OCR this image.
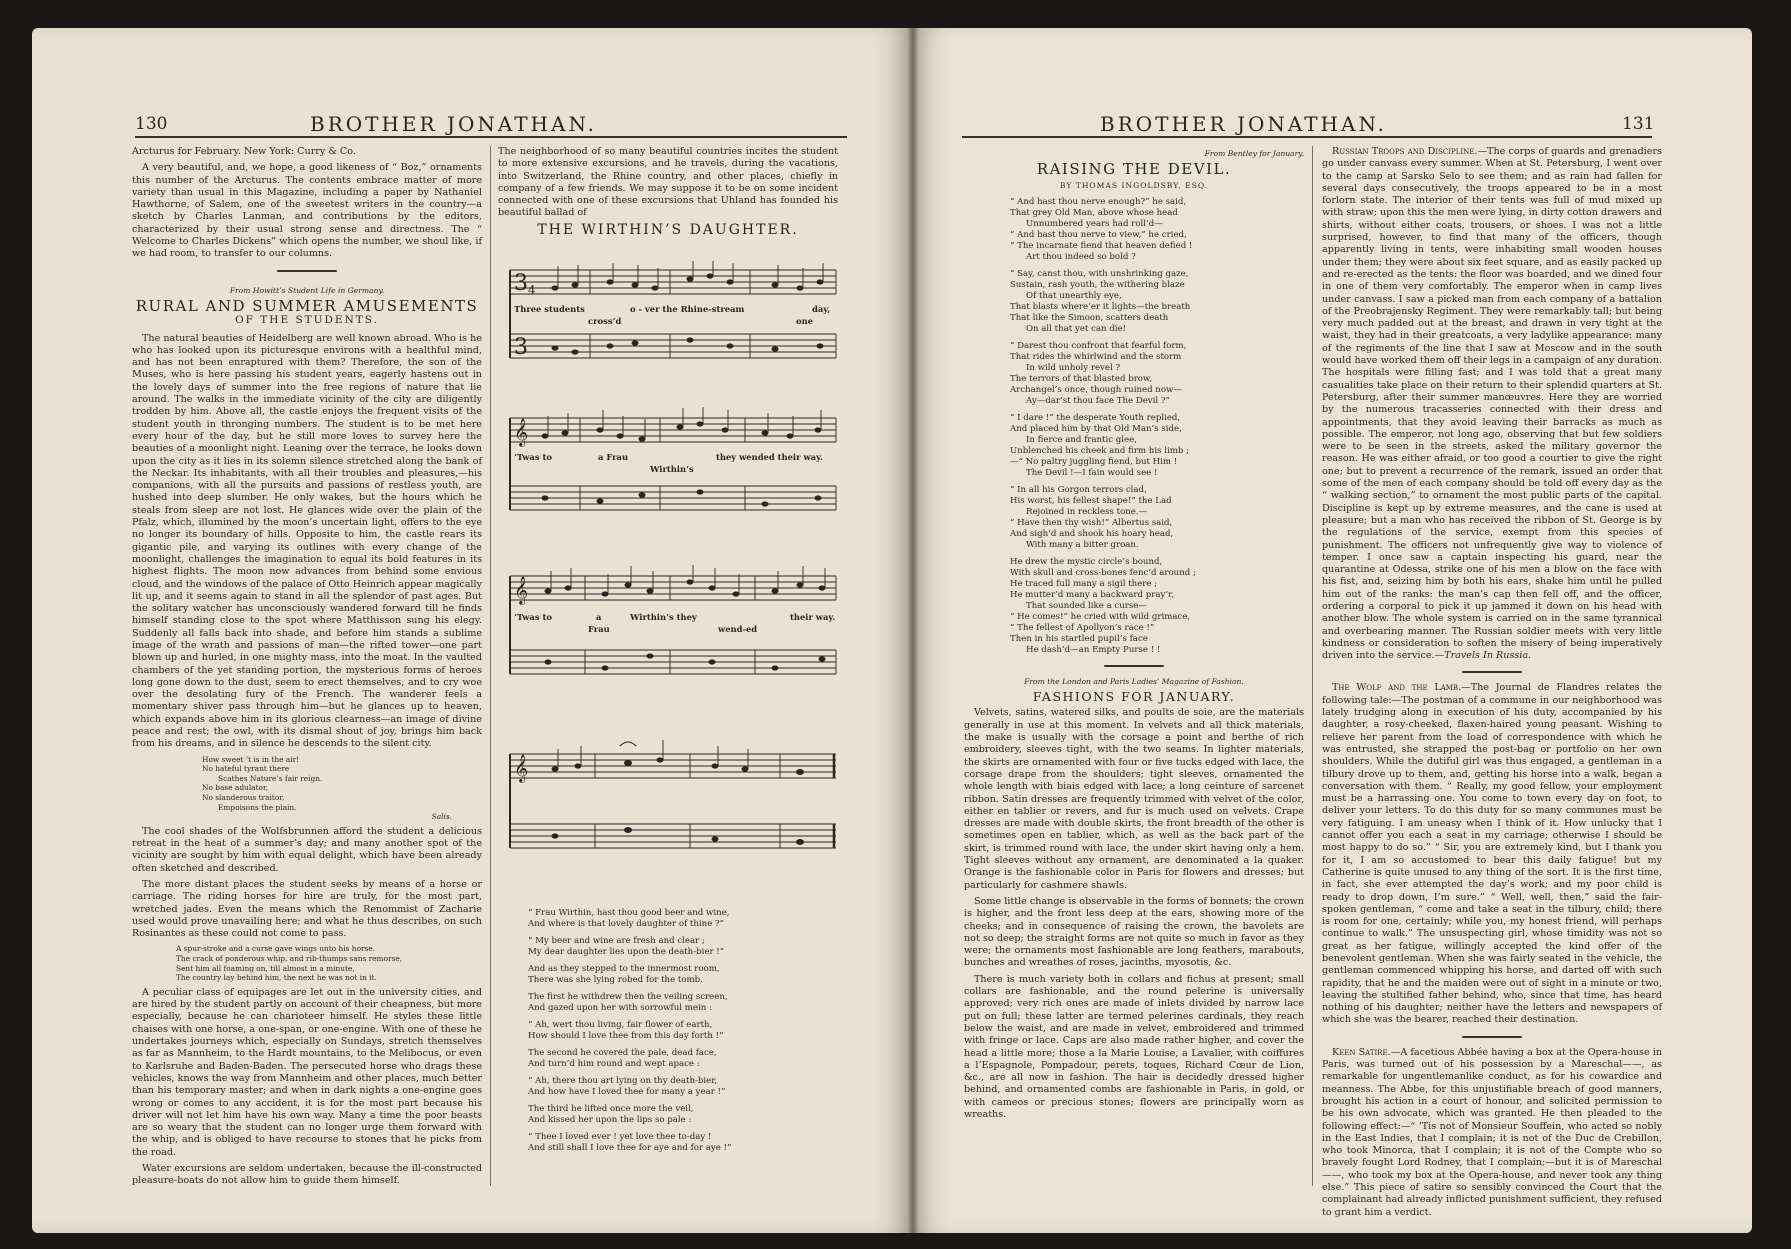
130	BROTHER JONATHAN.

Arcturus for February. New York: Curry & Co.

A very beautiful, and, we hope, a good likeness of “ Boz,” ornaments this number of the Arcturus. The contents embrace matter of more variety than usual in this Magazine, including a paper by Nathaniel Hawthorne, of Salem, one of the sweetest writers in the country—a sketch by Charles Lanman, and contributions by the editors, characterized by their usual strong sense and directness. The “ Welcome to Charles Dickens” which opens the number, we shoul like, if we had room, to transfer to our columns.

From Howitt’s Student Life in Germany.
RURAL AND SUMMER AMUSEMENTS
OF THE STUDENTS.

The natural beauties of Heidelberg are well known abroad. Who is he who has looked upon its picturesque environs with a healthful mind, and has not been enraptured with them? Therefore, the son of the Muses, who is here passing his student years, eagerly hastens out in the lovely days of summer into the free regions of nature that lie around. The walks in the immediate vicinity of the city are diligently trodden by him. Above all, the castle enjoys the frequent visits of the student youth in thronging numbers. The student is to be met here every hour of the day, but he still more loves to survey here the beauties of a moonlight night. Leaning over the terrace, he looks down upon the city as it lies in its solemn silence stretched along the bank of the Neckar. Its inhabitants, with all their troubles and pleasures,—his companions, with all the pursuits and passions of restless youth, are hushed into deep slumber. He only wakes, but the hours which he steals from sleep are not lost. He glances wide over the plain of the Pfalz, which, illumined by the moon’s uncertain light, offers to the eye no longer its boundary of hills. Opposite to him, the castle rears its gigantic pile, and varying its outlines with every change of the moonlight, challenges the imagination to equal its bold features in its highest flights. The moon now advances from behind some envious cloud, and the windows of the palace of Otto Heinrich appear magically lit up, and it seems again to stand in all the splendor of past ages. But the solitary watcher has unconsciously wandered forward till he finds himself standing close to the spot where Matthisson sung his elegy. Suddenly all falls back into shade, and before him stands a sublime image of the wrath and passions of man—the rifted tower—one part blown up and hurled, in one mighty mass, into the moat. In the vaulted chambers of the yet standing portion, the mysterious forms of heroes long gone down to the dust, seem to erect themselves, and to cry woe over the desolating fury of the French. The wanderer feels a momentary shiver pass through him—but he glances up to heaven, which expands above him in its glorious clearness—an image of divine peace and rest; the owl, with its dismal shout of joy, brings him back from his dreams, and in silence he descends to the silent city.

How sweet ’t is in the air!
No hateful tyrant there
Scathes Nature’s fair reign.
No base adulator,
No slanderous traitor,
Empoisons the plain.
Salis.

The cool shades of the Wolfsbrunnen afford the student a delicious retreat in the heat of a summer’s day; and many another spot of the vicinity are sought by him with equal delight, which have been already often sketched and described.

The more distant places the student seeks by means of a horse or carriage. The riding horses for hire are truly, for the most part, wretched jades. Even the means which the Renommist of Zacharie used would prove unavailing here; and what he thus describes, on such Rosinantes as these could not come to pass.

A spur-stroke and a curse gave wings unto his horse.
The crack of ponderous whip, and rib-thumps sans remorse,
Sent him all foaming on, till almost in a minute,
The country lay behind him, the next he was not in it.

A peculiar class of equipages are let out in the university cities, and are hired by the student partly on account of their cheapness, but more especially, because he can charioteer himself. He styles these little chaises with one horse, a one-span, or one-engine. With one of these he undertakes journeys which, especially on Sundays, stretch themselves as far as Mannheim, to the Hardt mountains, to the Melibocus, or even to Karlsruhe and Baden-Baden. The persecuted horse who drags these vehicles, knows the way from Mannheim and other places, much better than his temporary master; and when in dark nights a one-engine goes wrong or comes to any accident, it is for the most part because his driver will not let him have his own way. Many a time the poor beasts are so weary that the student can no longer urge them forward with the whip, and is obliged to have recourse to stones that he picks from the road.

Water excursions are seldom undertaken, because the ill-constructed pleasure-boats do not allow him to guide them himself.

The neighborhood of so many beautiful countries incites the student to more extensive excursions, and he travels, during the vacations, into Switzerland, the Rhine country, and other places, chiefly in company of a few friends. We may suppose it to be on some incident connected with one of these excursions that Uhland has founded his beautiful ballad of

THE WIRTHIN’S DAUGHTER.
3 4
3
Three students	o - ver the Rhine-stream
cross’d	one
day,
𝄞
’Twas to	a Frau
Wirthin’s
they wended their way.
𝄞
’Twas to	a
Frau
Wirthin’s they
wend-ed
their way.
𝄞
“ Frau Wirthin, hast thou good beer and wine,
And where is that lovely daughter of thine ?”
“ My beer and wine are fresh and clear ;
My dear daughter lies upon the death-bier !”
And as they stepped to the innermost room,
There was she lying robed for the tomb.
The first he withdrew then the veiling screen,
And gazed upon her with sorrowful mein :
“ Ah, wert thou living, fair flower of earth,
How should I love thee from this day forth !”
The second he covered the pale, dead face,
And turn’d him round and wept apace :
“ Ah, there thou art lying on thy death-bier,
And how have I loved thee for many a year !”
The third he lifted once more the veil,
And kissed her upon the lips so pale :
“ Thee I loved ever ! yet love thee to-day !
And still shall I love thee for aye and for aye !”
BROTHER JONATHAN.	131
From Bentley for January.
RAISING THE DEVIL.
BY THOMAS INGOLDSBY, ESQ.
“ And hast thou nerve enough?” he said,
That grey Old Man, above whose head
Unnumbered years had roll’d—
“ And hast thou nerve to view,” he cried,
“ The incarnate fiend that heaven defied !
Art thou indeed so bold ?
“ Say, canst thou, with unshrinking gaze,
Sustain, rash youth, the withering blaze
Of that unearthly eye,
That blasts where’er it lights—the breath
That like the Simoon, scatters death
On all that yet can die!
“ Darest thou confront that fearful form,
That rides the whirlwind and the storm
In wild unholy revel ?
The terrors of that blasted brow,
Archangel’s once, though ruined now—
Ay—dar’st thou face The Devil ?”
“ I dare !” the desperate Youth replied,
And placed him by that Old Man’s side,
In fierce and frantic glee,
Unblenched his cheek and firm his limb ;
—“ No paltry juggling fiend, but Him !
The Devil !—I fain would see !
“ In all his Gorgon terrors clad,
His worst, his fellest shape!” the Lad
Rejoined in reckless tone.—
“ Have then thy wish!” Albertus said,
And sigh’d and shook his hoary head,
With many a bitter groan.
He drew the mystic circle’s bound,
With skull and cross-bones fenc’d around ;
He traced full many a sigil there ;
He mutter’d many a backward pray’r,
That sounded like a curse—
“ He comes!” he cried with wild grimace,
“ The fellest of Apollyon’s race !”
Then in his startled pupil’s face
He dash’d—an Empty Purse ! !
From the London and Paris Ladies’ Magazine of Fashion.
FASHIONS FOR JANUARY.

Velvets, satins, watered silks, and poults de soie, are the materials generally in use at this moment. In velvets and all thick materials, the make is usually with the corsage a point and berthe of rich embroidery, sleeves tight, with the two seams. In lighter materials, the skirts are ornamented with four or five tucks edged with lace, the corsage drape from the shoulders; tight sleeves, ornamented the whole length with biais edged with lace; a long ceinture of sarcenet ribbon. Satin dresses are frequently trimmed with velvet of the color, either en tablier or revers, and fur is much used on velvets. Crape dresses are made with double skirts, the front breadth of the other is sometimes open en tablier, which, as well as the back part of the skirt, is trimmed round with lace, the under skirt having only a hem. Tight sleeves without any ornament, are denominated a la quaker. Orange is the fashionable color in Paris for flowers and dresses; but particularly for cashmere shawls.

Some little change is observable in the forms of bonnets; the crown is higher, and the front less deep at the ears, showing more of the cheeks; and in consequence of raising the crown, the bavolets are not so deep; the straight forms are not quite so much in favor as they were; the ornaments most fashionable are long feathers, marabouts, bunches and wreathes of roses, jacinths, myosotis, &c.

There is much variety both in collars and fichus at present; small collars are fashionable, and the round pelerine is universally approved; very rich ones are made of inlets divided by narrow lace put on full; these latter are termed pelerines cardinals, they reach below the waist, and are made in velvet, embroidered and trimmed with fringe or lace. Caps are also made rather higher, and cover the head a little more; those a la Marie Louise, a Lavalier, with coiffures a l’Espagnole, Pompadour, perets, toques, Richard Cœur de Lion, &c., are all now in fashion. The hair is decidedly dressed higher behind, and ornamented combs are fashionable in Paris, in gold, or with cameos or precious stones; flowers are principally worn as wreaths.

Russian Troops and Discipline.—The corps of guards and grenadiers go under canvass every summer. When at St. Petersburg, I went over to the camp at Sarsko Selo to see them; and as rain had fallen for several days consecutively, the troops appeared to be in a most forlorn state. The interior of their tents was full of mud mixed up with straw; upon this the men were lying, in dirty cotton drawers and shirts, without either coats, trousers, or shoes. I was not a little surprised, however, to find that many of the officers, though apparently living in tents, were inhabiting small wooden houses under them; they were about six feet square, and as easily packed up and re-erected as the tents: the floor was boarded, and we dined four in one of them very comfortably. The emperor when in camp lives under canvass. I saw a picked man from each company of a battalion of the Preobrajensky Regiment. They were remarkably tall; but being very much padded out at the breast, and drawn in very tight at the waist, they had in their greatcoats, a very ladylike appearance: many of the regiments of the line that I saw at Moscow and in the south would have worked them off their legs in a campaign of any duration. The hospitals were filling fast; and I was told that a great many casualities take place on their return to their splendid quarters at St. Petersburg, after their summer manœuvres. Here they are worried by the numerous tracasseries connected with their dress and appointments, that they avoid leaving their barracks as much as possible. The emperor, not long ago, observing that but few soldiers were to be seen in the streets, asked the military governor the reason. He was either afraid, or too good a courtier to give the right one; but to prevent a recurrence of the remark, issued an order that some of the men of each company should be told off every day as the “ walking section,” to ornament the most public parts of the capital. Discipline is kept up by extreme measures, and the cane is used at pleasure; but a man who has received the ribbon of St. George is by the regulations of the service, exempt from this species of punishment. The officers not unfrequently give way to violence of temper. I once saw a captain inspecting his guard, near the quarantine at Odessa, strike one of his men a blow on the face with his fist, and, seizing him by both his ears, shake him until he pulled him out of the ranks: the man’s cap then fell off, and the officer, ordering a corporal to pick it up jammed it down on his head with another blow. The whole system is carried on in the same tyrannical and overbearing manner. The Russian soldier meets with very little kindness or consideration to soften the misery of being imperatively driven into the service.—Travels In Russia.

The Wolf and the Lamb.—The Journal de Flandres relates the following tale:—The postman of a commune in our neighborhood was lately trudging along in execution of his duty, accompanied by his daughter, a rosy-cheeked, flaxen-haired young peasant. Wishing to relieve her parent from the load of correspondence with which he was entrusted, she strapped the post-bag or portfolio on her own shoulders. While the dutiful girl was thus engaged, a gentleman in a tilbury drove up to them, and, getting his horse into a walk, began a conversation with them. “ Really, my good fellow, your employment must be a harrassing one. You come to town every day on foot, to deliver your letters. To do this duty for so many communes must be very fatiguing. I am uneasy when I think of it. How unlucky that I cannot offer you each a seat in my carriage; otherwise I should be most happy to do so.” “ Sir, you are extremely kind, but I thank you for it, I am so accustomed to bear this daily fatigue! but my Catherine is quite unused to any thing of the sort. It is the first time, in fact, she ever attempted the day’s work; and my poor child is ready to drop down, I’m sure.” “ Well, well, then,” said the fair-spoken gentleman, “ come and take a seat in the tilbury, child; there is room for one, certainly; while you, my honest friend, will perhaps continue to walk.” The unsuspecting girl, whose timidity was not so great as her fatigue, willingly accepted the kind offer of the benevolent gentleman. When she was fairly seated in the vehicle, the gentleman commenced whipping his horse, and darted off with such rapidity, that he and the maiden were out of sight in a minute or two, leaving the stultified father behind, who, since that time, has heard nothing of his daughter; neither have the letters and newspapers of which she was the bearer, reached their destination.

Keen Satire.—A facetious Abbée having a box at the Opera-house in Paris, was turned out of his possession by a Mareschal——, as remarkable for ungentlemanlike conduct, as for his cowardice and meanness. The Abbe, for this unjustifiable breach of good manners, brought his action in a court of honour, and solicited permission to be his own advocate, which was granted. He then pleaded to the following effect:—“ ’Tis not of Monsieur Souffein, who acted so nobly in the East Indies, that I complain; it is not of the Duc de Crebillon, who took Minorca, that I complain; it is not of the Compte who so bravely fought Lord Rodney, that I complain;—but it is of Mareschal——, who took my box at the Opera-house, and never took any thing else.” This piece of satire so sensibly convinced the Court that the complainant had already inflicted punishment sufficient, they refused to grant him a verdict.
